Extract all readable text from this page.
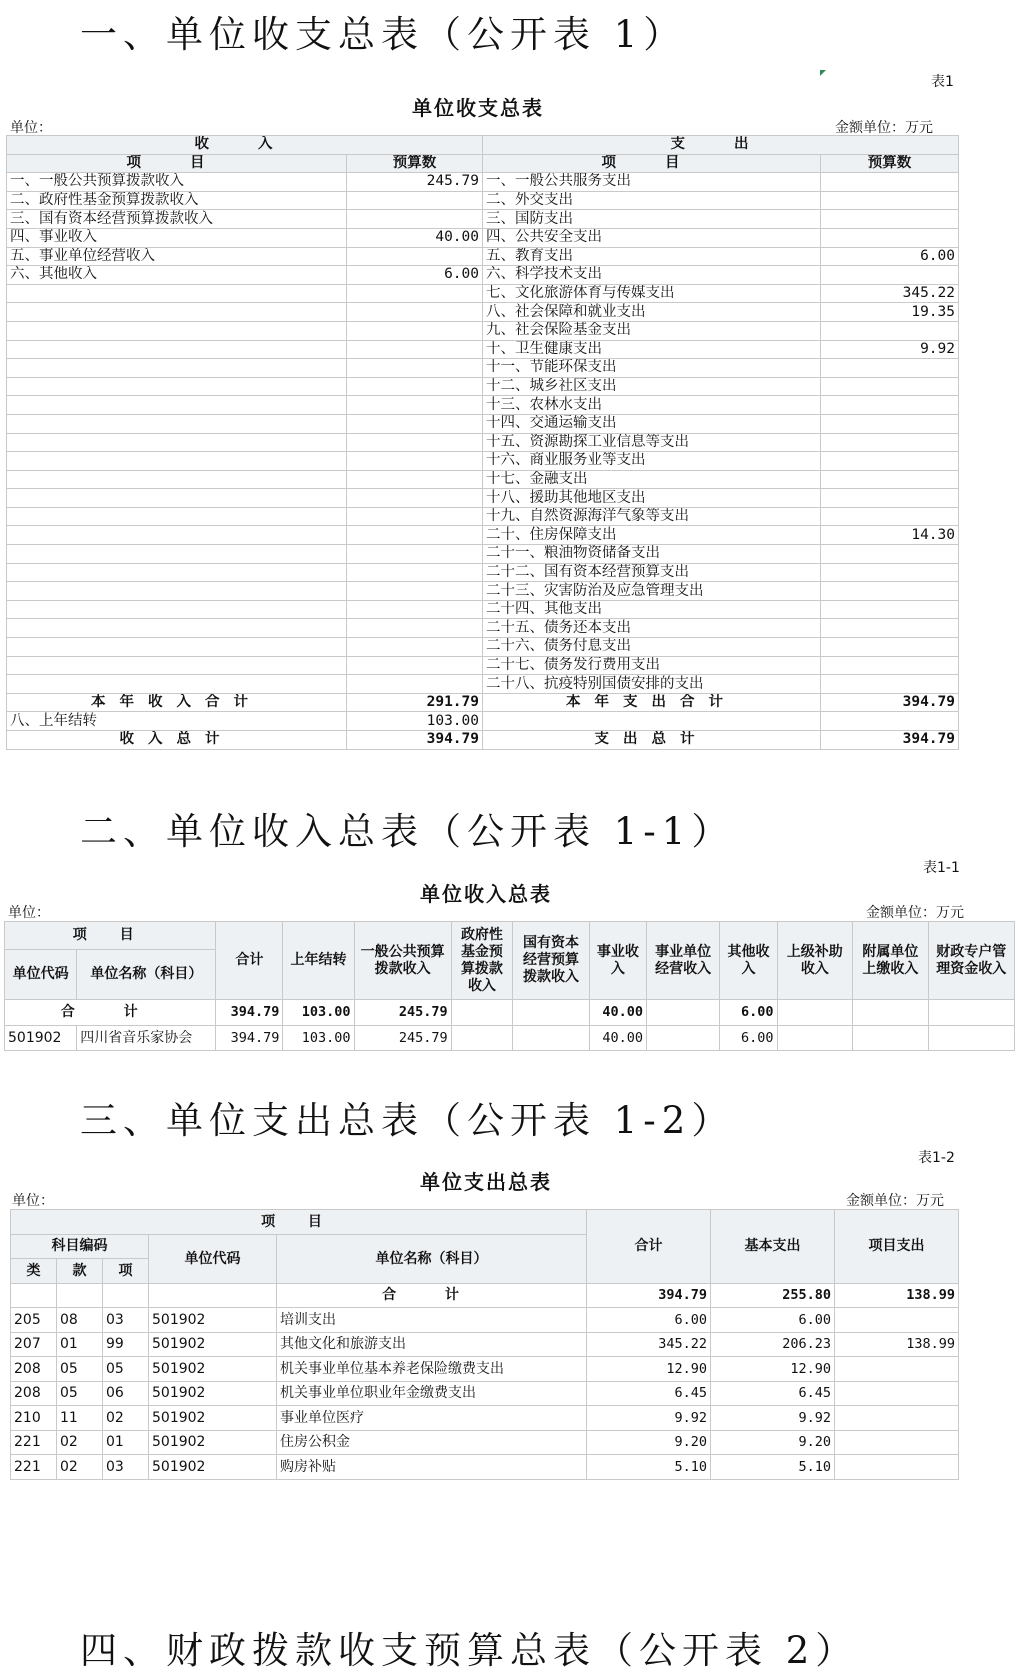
一、单位收支总表（公开表 1）
表1
单位收支总表
单位：	金额单位：万元
收 入		支 出	
项 目	预算数	项 目	预算数
一、一般公共预算拨款收入	245.79	一、一般公共服务支出	
二、政府性基金预算拨款收入		二、外交支出	
三、国有资本经营预算拨款收入		三、国防支出	
四、事业收入	40.00	四、公共安全支出	
五、事业单位经营收入		五、教育支出	6.00
六、其他收入	6.00	六、科学技术支出	
		七、文化旅游体育与传媒支出	345.22
		八、社会保障和就业支出	19.35
		九、社会保险基金支出	
		十、卫生健康支出	9.92
		十一、节能环保支出	
		十二、城乡社区支出	
		十三、农林水支出	
		十四、交通运输支出	
		十五、资源勘探工业信息等支出	
		十六、商业服务业等支出	
		十七、金融支出	
		十八、援助其他地区支出	
		十九、自然资源海洋气象等支出	
		二十、住房保障支出	14.30
		二十一、粮油物资储备支出	
		二十二、国有资本经营预算支出	
		二十三、灾害防治及应急管理支出	
		二十四、其他支出	
		二十五、债务还本支出	
		二十六、债务付息支出	
		二十七、债务发行费用支出	
		二十八、抗疫特别国债安排的支出	
本年收入合计	291.79	本年支出合计	394.79
八、上年结转	103.00		
收入总计	394.79	支出总计	394.79
二、单位收入总表（公开表 1-1）
表1-1
单位收入总表
单位：	金额单位：万元
项 目		合计	上年结转	一般公共预算拨款收入	政府性基金预算拨款收入	国有资本经营预算拨款收入	事业收入	事业单位经营收入	其他收入	上级补助收入	附属单位上缴收入	财政专户管理资金收入
单位代码	单位名称（科目）											
合 计		394.79	103.00	245.79			40.00		6.00			
501902	四川省音乐家协会	394.79	103.00	245.79			40.00		6.00			
三、单位支出总表（公开表 1-2）
表1-2
单位支出总表
单位：	金额单位：万元
项 目					合计	基本支出	项目支出
科目编码			单位代码	单位名称（科目）			
类	款	项					
				合 计	394.79	255.80	138.99
205	08	03	501902	培训支出	6.00	6.00	
207	01	99	501902	其他文化和旅游支出	345.22	206.23	138.99
208	05	05	501902	机关事业单位基本养老保险缴费支出	12.90	12.90	
208	05	06	501902	机关事业单位职业年金缴费支出	6.45	6.45	
210	11	02	501902	事业单位医疗	9.92	9.92	
221	02	01	501902	住房公积金	9.20	9.20	
221	02	03	501902	购房补贴	5.10	5.10	
四、财政拨款收支预算总表（公开表 2）
